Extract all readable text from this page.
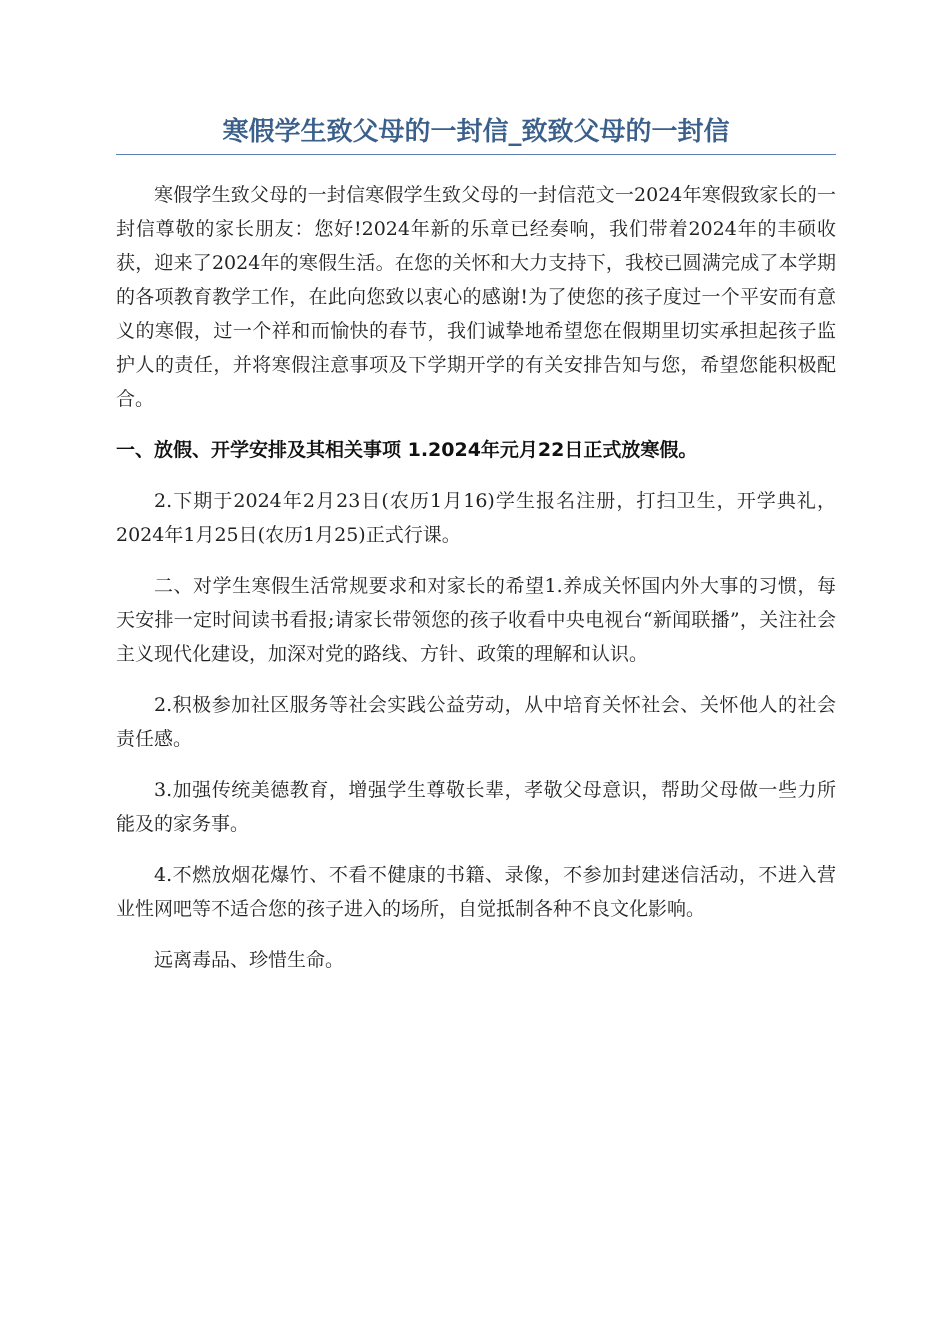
寒假学生致父母的一封信_致致父母的一封信

寒假学生致父母的一封信寒假学生致父母的一封信范文一2024年寒假致家长的一封信尊敬的家长朋友：您好!2024年新的乐章已经奏响，我们带着2024年的丰硕收获，迎来了2024年的寒假生活。在您的关怀和大力支持下，我校已圆满完成了本学期的各项教育教学工作，在此向您致以衷心的感谢!为了使您的孩子度过一个平安而有意义的寒假，过一个祥和而愉快的春节，我们诚挚地希望您在假期里切实承担起孩子监护人的责任，并将寒假注意事项及下学期开学的有关安排告知与您，希望您能积极配合。

一、放假、开学安排及其相关事项 1.2024年元月22日正式放寒假。

2.下期于2024年2月23日(农历1月16)学生报名注册，打扫卫生，开学典礼，2024年1月25日(农历1月25)正式行课。

二、对学生寒假生活常规要求和对家长的希望1.养成关怀国内外大事的习惯，每天安排一定时间读书看报;请家长带领您的孩子收看中央电视台“新闻联播”，关注社会主义现代化建设，加深对党的路线、方针、政策的理解和认识。

2.积极参加社区服务等社会实践公益劳动，从中培育关怀社会、关怀他人的社会责任感。

3.加强传统美德教育，增强学生尊敬长辈，孝敬父母意识，帮助父母做一些力所能及的家务事。

4.不燃放烟花爆竹、不看不健康的书籍、录像，不参加封建迷信活动，不进入营业性网吧等不适合您的孩子进入的场所，自觉抵制各种不良文化影响。

远离毒品、珍惜生命。
